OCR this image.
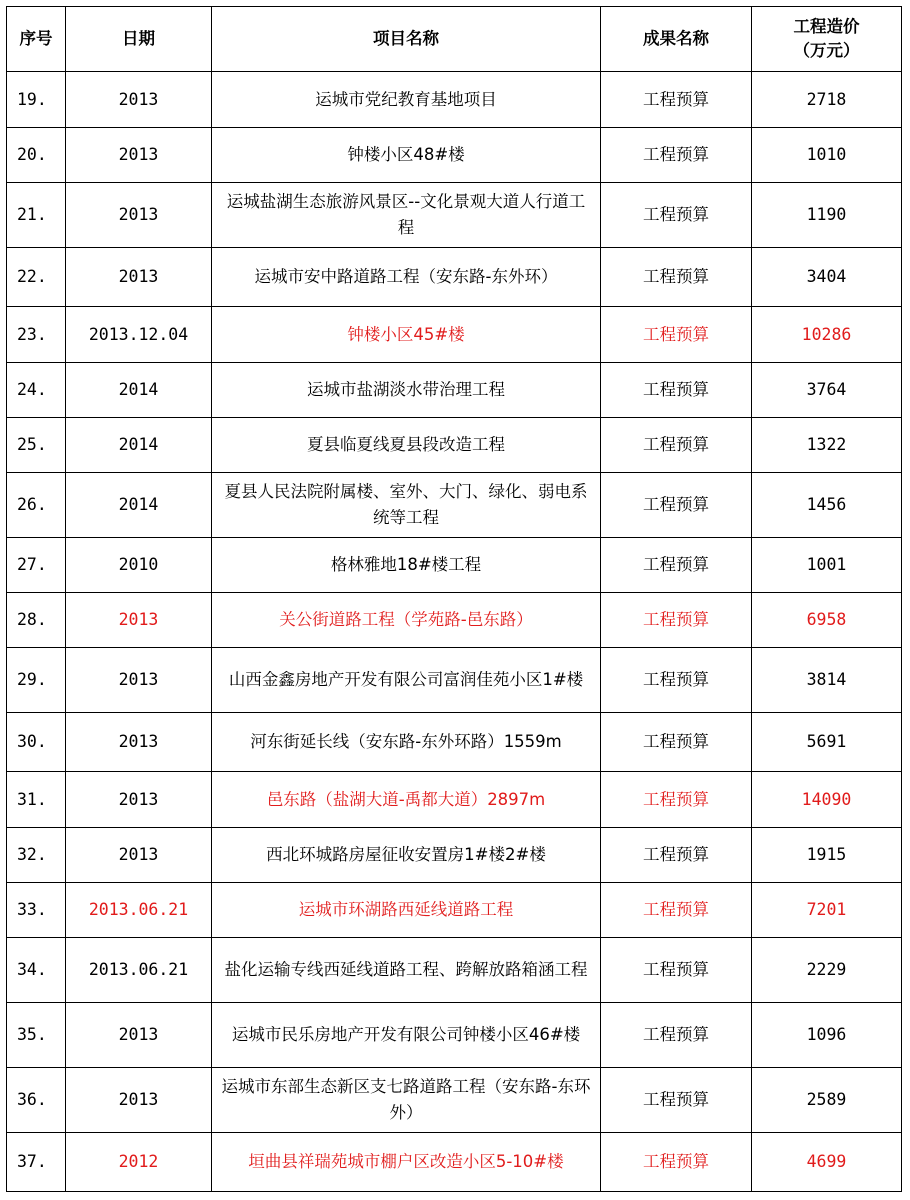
序号	日期	项目名称	成果名称	工程造价
（万元）

19.	2013	运城市党纪教育基地项目	工程预算	2718
20.	2013	钟楼小区48#楼	工程预算	1010
21.	2013	运城盐湖生态旅游风景区--文化景观大道人行道工程	工程预算	1190
22.	2013	运城市安中路道路工程（安东路-东外环）	工程预算	3404
23.	2013.12.04	钟楼小区45#楼	工程预算	10286
24.	2014	运城市盐湖淡水带治理工程	工程预算	3764
25.	2014	夏县临夏线夏县段改造工程	工程预算	1322
26.	2014	夏县人民法院附属楼、室外、大门、绿化、弱电系统等工程	工程预算	1456
27.	2010	格林雅地18#楼工程	工程预算	1001
28.	2013	关公街道路工程（学苑路-邑东路）	工程预算	6958
29.	2013	山西金鑫房地产开发有限公司富润佳苑小区1#楼	工程预算	3814
30.	2013	河东街延长线（安东路-东外环路）1559m	工程预算	5691
31.	2013	邑东路（盐湖大道-禹都大道）2897m	工程预算	14090
32.	2013	西北环城路房屋征收安置房1#楼2#楼	工程预算	1915
33.	2013.06.21	运城市环湖路西延线道路工程	工程预算	7201
34.	2013.06.21	盐化运输专线西延线道路工程、跨解放路箱涵工程	工程预算	2229
35.	2013	运城市民乐房地产开发有限公司钟楼小区46#楼	工程预算	1096
36.	2013	运城市东部生态新区支七路道路工程（安东路-东环外）	工程预算	2589
37.	2012	垣曲县祥瑞苑城市棚户区改造小区5-10#楼	工程预算	4699
